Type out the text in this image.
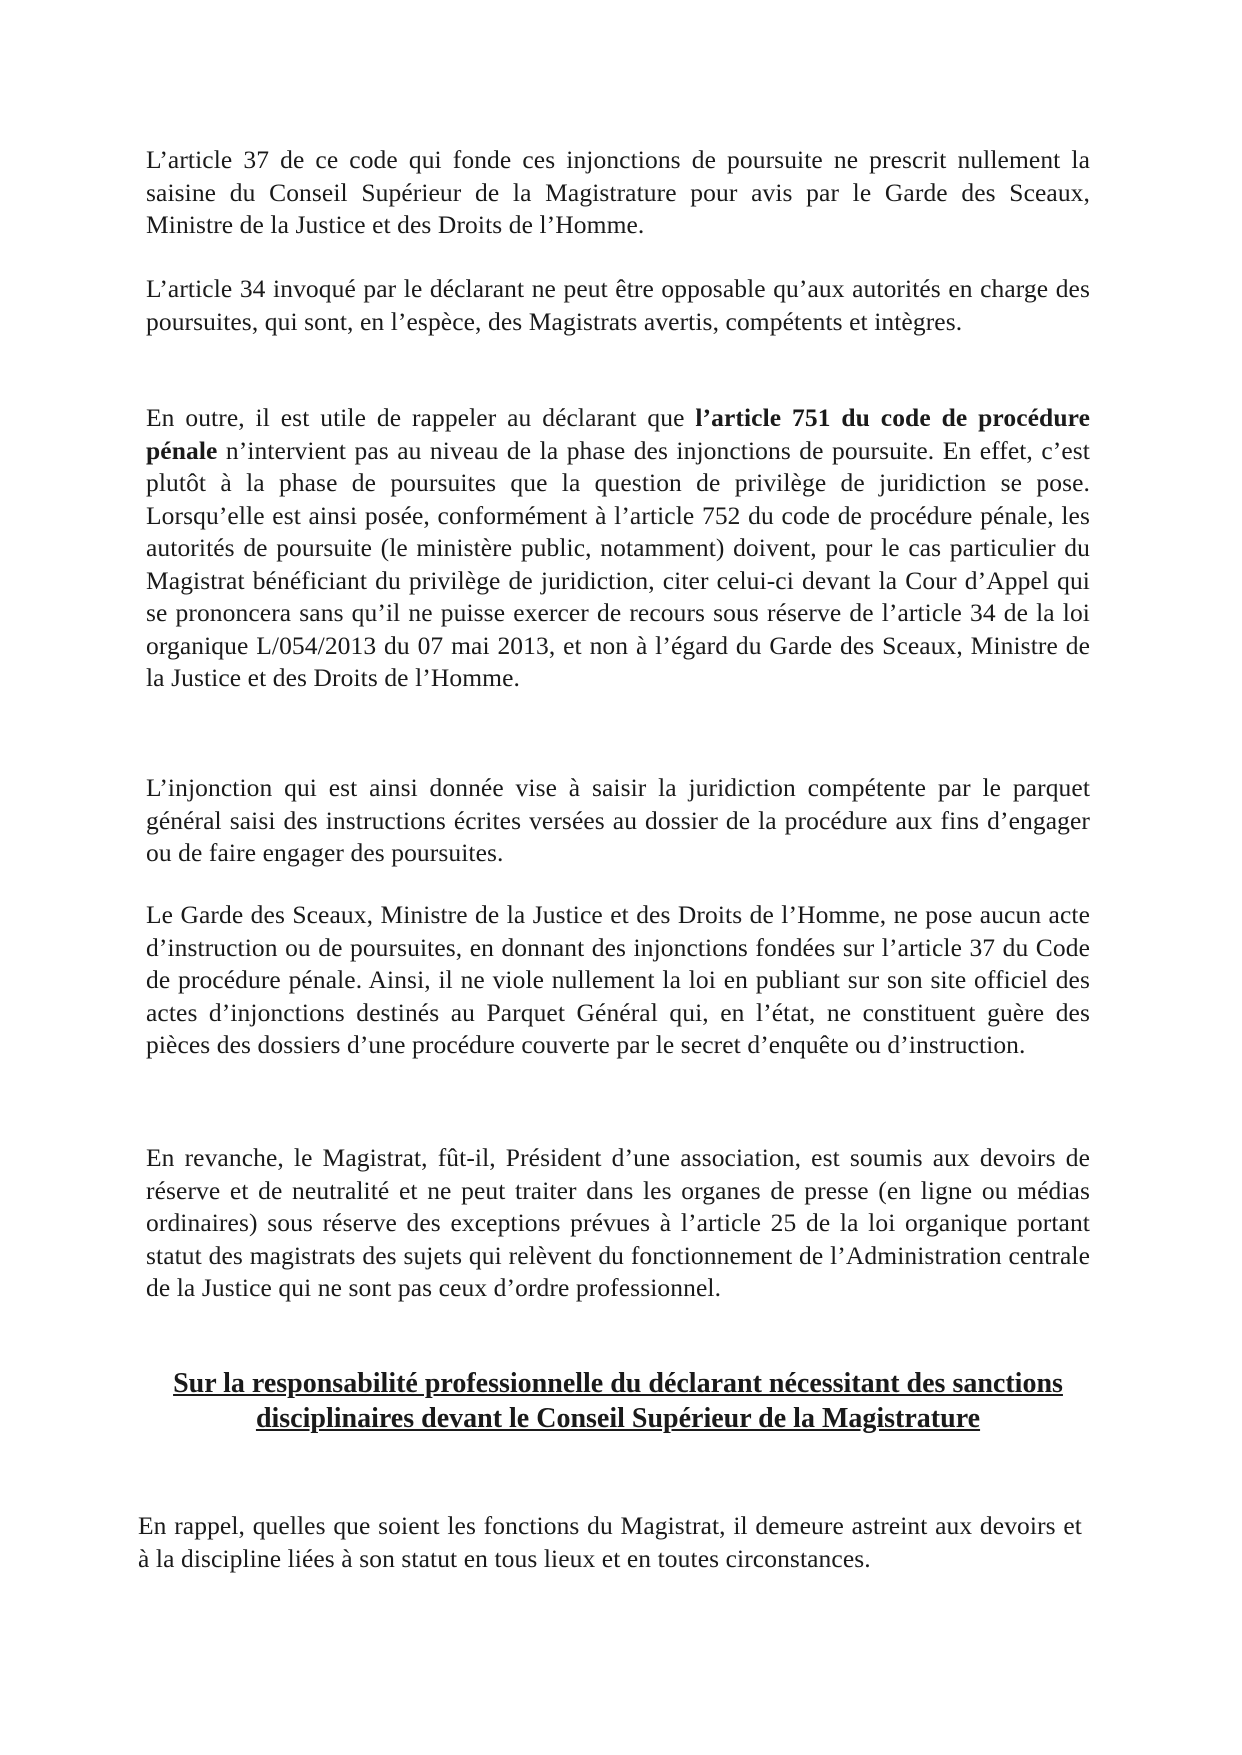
L’article 37 de ce code qui fonde ces injonctions de poursuite ne prescrit nullement la saisine du Conseil Supérieur de la Magistrature pour avis par le Garde des Sceaux, Ministre de la Justice et des Droits de l’Homme.

L’article 34 invoqué par le déclarant ne peut être opposable qu’aux autorités en charge des poursuites, qui sont, en l’espèce, des Magistrats avertis, compétents et intègres.

En outre, il est utile de rappeler au déclarant que l’article 751 du code de procédure pénale n’intervient pas au niveau de la phase des injonctions de poursuite. En effet, c’est plutôt à la phase de poursuites que la question de privilège de juridiction se pose. Lorsqu’elle est ainsi posée, conformément à l’article 752 du code de procédure pénale, les autorités de poursuite (le ministère public, notamment) doivent, pour le cas particulier du Magistrat bénéficiant du privilège de juridiction, citer celui-ci devant la Cour d’Appel qui se prononcera sans qu’il ne puisse exercer de recours sous réserve de l’article 34 de la loi organique L/054/2013 du 07 mai 2013, et non à l’égard du Garde des Sceaux, Ministre de la Justice et des Droits de l’Homme.

L’injonction qui est ainsi donnée vise à saisir la juridiction compétente par le parquet général saisi des instructions écrites versées au dossier de la procédure aux fins d’engager ou de faire engager des poursuites.

Le Garde des Sceaux, Ministre de la Justice et des Droits de l’Homme, ne pose aucun acte d’instruction ou de poursuites, en donnant des injonctions fondées sur l’article 37 du Code de procédure pénale. Ainsi, il ne viole nullement la loi en publiant sur son site officiel des actes d’injonctions destinés au Parquet Général qui, en l’état, ne constituent guère des pièces des dossiers d’une procédure couverte par le secret d’enquête ou d’instruction.

En revanche, le Magistrat, fût-il, Président d’une association, est soumis aux devoirs de réserve et de neutralité et ne peut traiter dans les organes de presse (en ligne ou médias ordinaires) sous réserve des exceptions prévues à l’article 25 de la loi organique portant statut des magistrats des sujets qui relèvent du fonctionnement de l’Administration centrale de la Justice qui ne sont pas ceux d’ordre professionnel.

Sur la responsabilité professionnelle du déclarant nécessitant des sanctions disciplinaires devant le Conseil Supérieur de la Magistrature

En rappel, quelles que soient les fonctions du Magistrat, il demeure astreint aux devoirs et à la discipline liées à son statut en tous lieux et en toutes circonstances.
